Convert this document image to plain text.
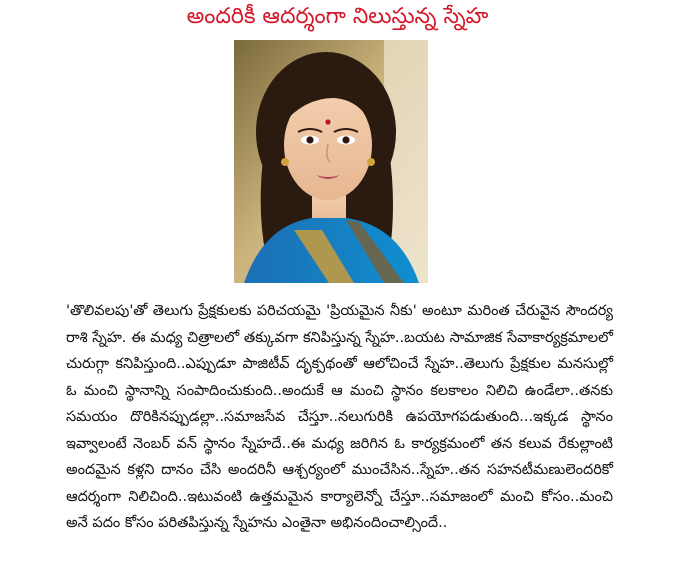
అందరికీ ఆదర్శంగా నిలుస్తున్న స్నేహ

'తొలివలపు'తో తెలుగు ప్రేక్షకులకు పరిచయమై 'ప్రియమైన నీకు' అంటూ మరింత చేరువైన సౌందర్య రాశి స్నేహ. ఈ మధ్య చిత్రాలలో తక్కువగా కనిపిస్తున్న స్నేహ..బయట సామాజిక సేవాకార్యక్రమాలలో చురుగ్గా కనిపిస్తుంది..ఎప్పుడూ పాజిటీవ్ దృక్పథంతో ఆలోచించే స్నేహ..తెలుగు ప్రేక్షకుల మనసుల్లో ఓ మంచి స్థానాన్ని సంపాదించుకుంది..అందుకే ఆ మంచి స్థానం కలకాలం నిలిచి ఉండేలా..తనకు సమయం దొరికినప్పుడల్లా..సమాజసేవ చేస్తూ..నలుగురికి ఉపయోగపడుతుంది...ఇక్కడ స్థానం ఇవ్వాలంటే నెంబర్ వన్ స్థానం స్నేహదే..ఈ మధ్య జరిగిన ఓ కార్యక్రమంలో తన కలువ రేకుల్లాంటి అందమైన కళ్లని దానం చేసి అందరినీ ఆశ్చర్యంలో ముంచేసిన..స్నేహ..తన సహనటీమణులెందరికో ఆదర్శంగా నిలిచింది..ఇటువంటి ఉత్తమమైన కార్యాలెన్నో చేస్తూ..సమాజంలో మంచి కోసం..మంచి అనే పదం కోసం పరితపిస్తున్న స్నేహను ఎంతైనా అభినందించాల్సిందే..
